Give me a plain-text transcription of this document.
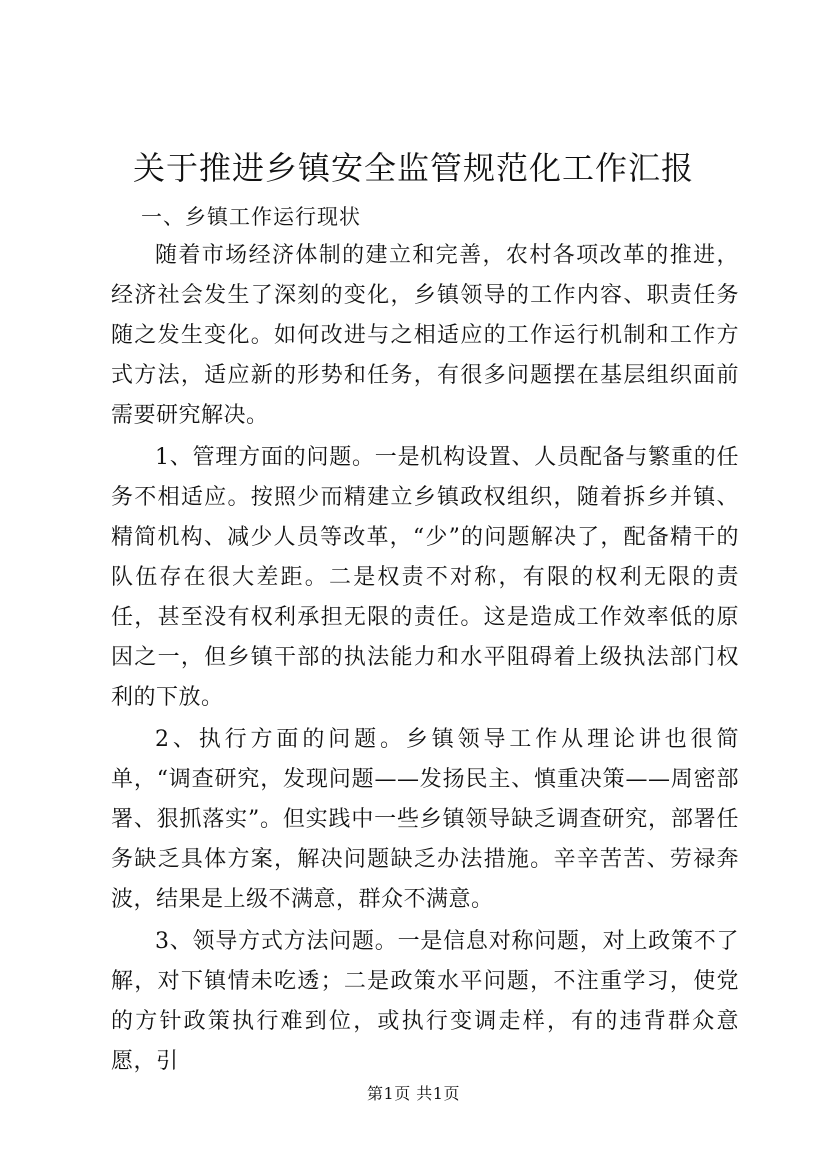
关于推进乡镇安全监管规范化工作汇报
一、乡镇工作运行现状

随着市场经济体制的建立和完善，农村各项改革的推进，经济社会发生了深刻的变化，乡镇领导的工作内容、职责任务随之发生变化。如何改进与之相适应的工作运行机制和工作方式方法，适应新的形势和任务，有很多问题摆在基层组织面前需要研究解决。

1、管理方面的问题。一是机构设置、人员配备与繁重的任务不相适应。按照少而精建立乡镇政权组织，随着拆乡并镇、精简机构、减少人员等改革，“少”的问题解决了，配备精干的队伍存在很大差距。二是权责不对称，有限的权利无限的责任，甚至没有权利承担无限的责任。这是造成工作效率低的原因之一，但乡镇干部的执法能力和水平阻碍着上级执法部门权利的下放。

2、执行方面的问题。乡镇领导工作从理论讲也很简单，“调查研究，发现问题——发扬民主、慎重决策——周密部署、狠抓落实”。但实践中一些乡镇领导缺乏调查研究，部署任务缺乏具体方案，解决问题缺乏办法措施。辛辛苦苦、劳禄奔波，结果是上级不满意，群众不满意。

3、领导方式方法问题。一是信息对称问题，对上政策不了解，对下镇情未吃透；二是政策水平问题，不注重学习，使党的方针政策执行难到位，或执行变调走样，有的违背群众意愿，引

第1页 共1页
